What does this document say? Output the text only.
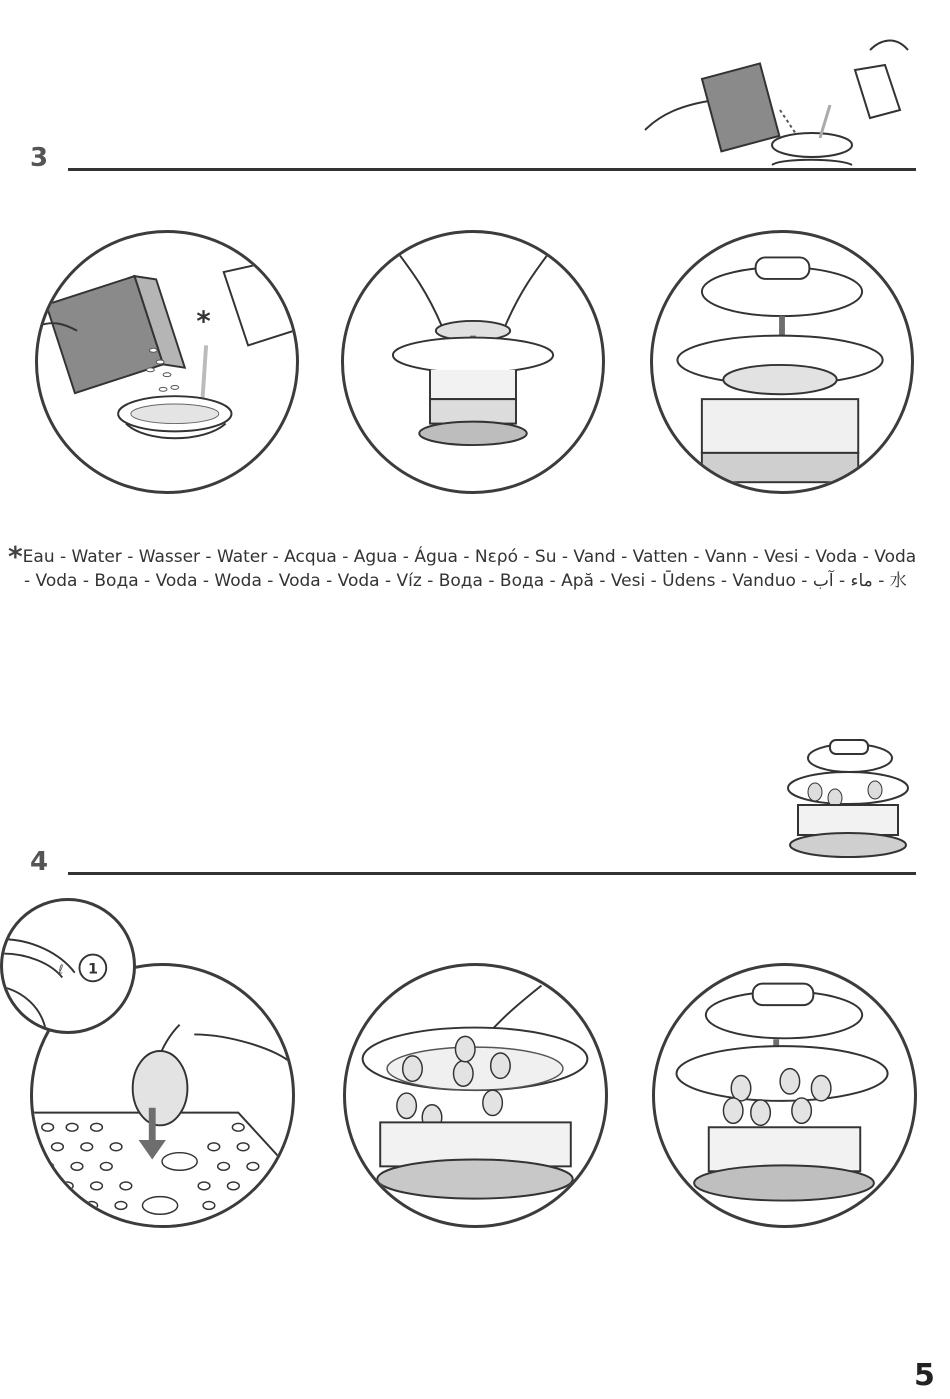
3
*
*Eau - Water - Wasser - Water - Acqua - Agua - Água - Νερό - Su - Vand - Vatten - Vann - Vesi - Voda - Voda
- Voda - Вода - Voda - Woda - Voda - Voda - Víz - Вода - Вода - Apă - Vesi - Ūdens - Vanduo - ماء - آب - 水
4
ℓ 1
5
